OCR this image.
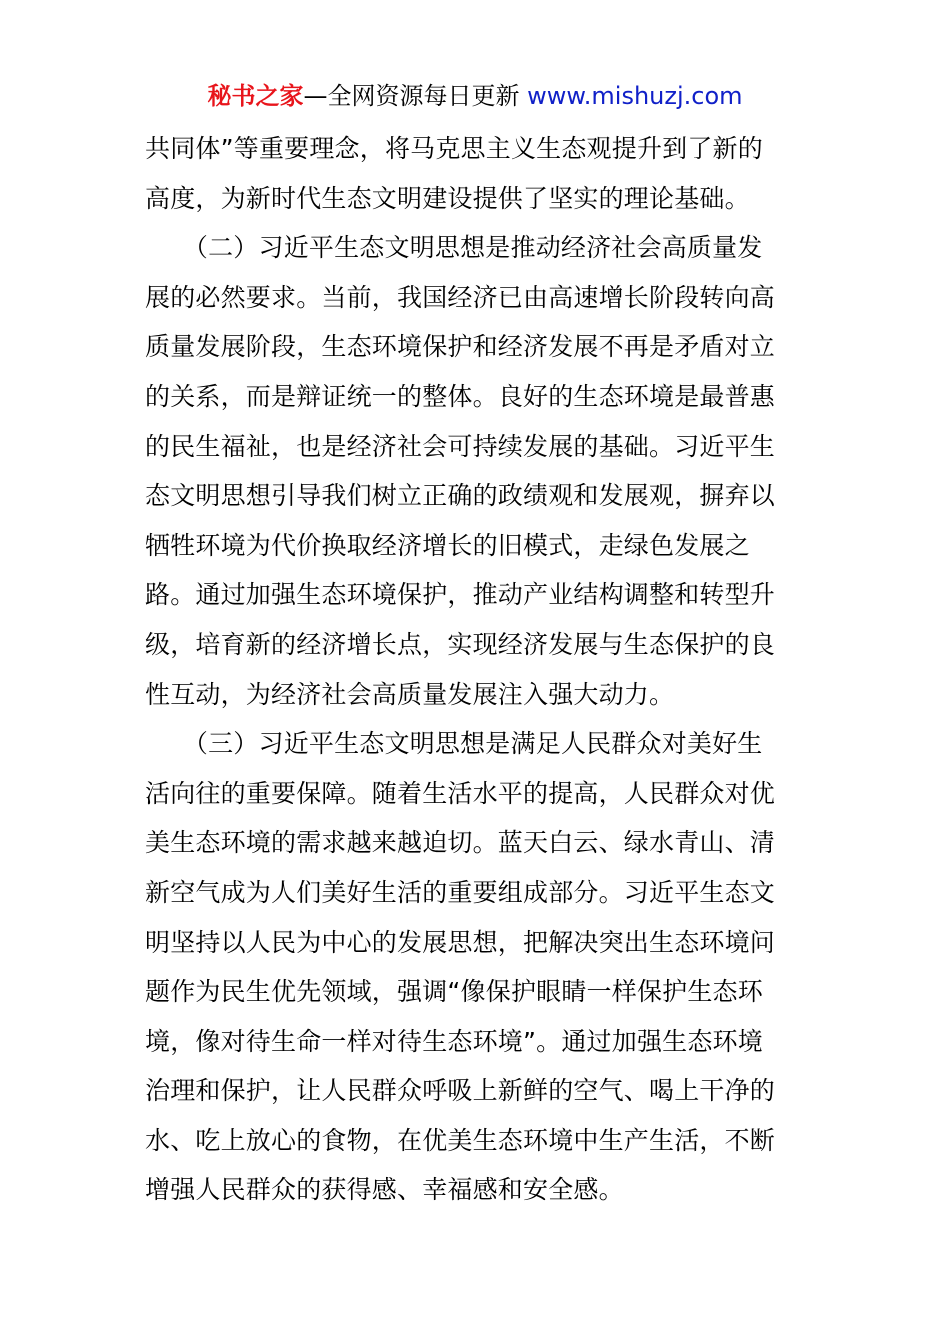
秘书之家—全网资源每日更新 www.mishuzj.com
共同体”等重要理念，将马克思主义生态观提升到了新的
高度，为新时代生态文明建设提供了坚实的理论基础。
　　（二）习近平生态文明思想是推动经济社会高质量发
展的必然要求。当前，我国经济已由高速增长阶段转向高
质量发展阶段，生态环境保护和经济发展不再是矛盾对立
的关系，而是辩证统一的整体。良好的生态环境是最普惠
的民生福祉，也是经济社会可持续发展的基础。习近平生
态文明思想引导我们树立正确的政绩观和发展观，摒弃以
牺牲环境为代价换取经济增长的旧模式，走绿色发展之
路。通过加强生态环境保护，推动产业结构调整和转型升
级，培育新的经济增长点，实现经济发展与生态保护的良
性互动，为经济社会高质量发展注入强大动力。
　　（三）习近平生态文明思想是满足人民群众对美好生
活向往的重要保障。随着生活水平的提高，人民群众对优
美生态环境的需求越来越迫切。蓝天白云、绿水青山、清
新空气成为人们美好生活的重要组成部分。习近平生态文
明坚持以人民为中心的发展思想，把解决突出生态环境问
题作为民生优先领域，强调“像保护眼睛一样保护生态环
境，像对待生命一样对待生态环境”。通过加强生态环境
治理和保护，让人民群众呼吸上新鲜的空气、喝上干净的
水、吃上放心的食物，在优美生态环境中生产生活，不断
增强人民群众的获得感、幸福感和安全感。
